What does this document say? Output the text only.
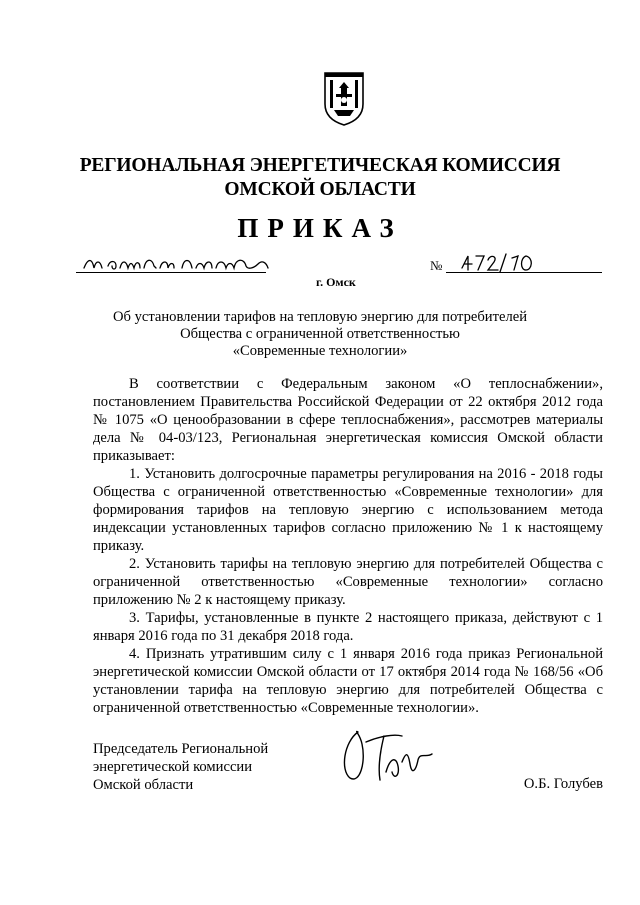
РЕГИОНАЛЬНАЯ ЭНЕРГЕТИЧЕСКАЯ КОМИССИЯ
ОМСКОЙ ОБЛАСТИ
ПРИКАЗ
г. Омск
№
Об установлении тарифов на тепловую энергию для потребителей
Общества с ограниченной ответственностью
«Современные технологии»

В соответствии с Федеральным законом «О теплоснабжении», постановлением Правительства Российской Федерации от 22 октября 2012 года № 1075 «О ценообразовании в сфере теплоснабжения», рассмотрев материалы дела № 04-03/123, Региональная энергетическая комиссия Омской области приказывает:

1. Установить долгосрочные параметры регулирования на 2016 - 2018 годы Общества с ограниченной ответственностью «Современные технологии» для формирования тарифов на тепловую энергию с использованием метода индексации установленных тарифов согласно приложению № 1 к настоящему приказу.

2. Установить тарифы на тепловую энергию для потребителей Общества с ограниченной ответственностью «Современные технологии» согласно приложению № 2 к настоящему приказу.

3. Тарифы, установленные в пункте 2 настоящего приказа, действуют с 1 января 2016 года по 31 декабря 2018 года.

4. Признать утратившим силу с 1 января 2016 года приказ Региональной энергетической комиссии Омской области от 17 октября 2014 года № 168/56 «Об установлении тарифа на тепловую энергию для потребителей Общества с ограниченной ответственностью «Современные технологии».

Председатель Региональной
энергетической комиссии
Омской области	О.Б. Голубев
